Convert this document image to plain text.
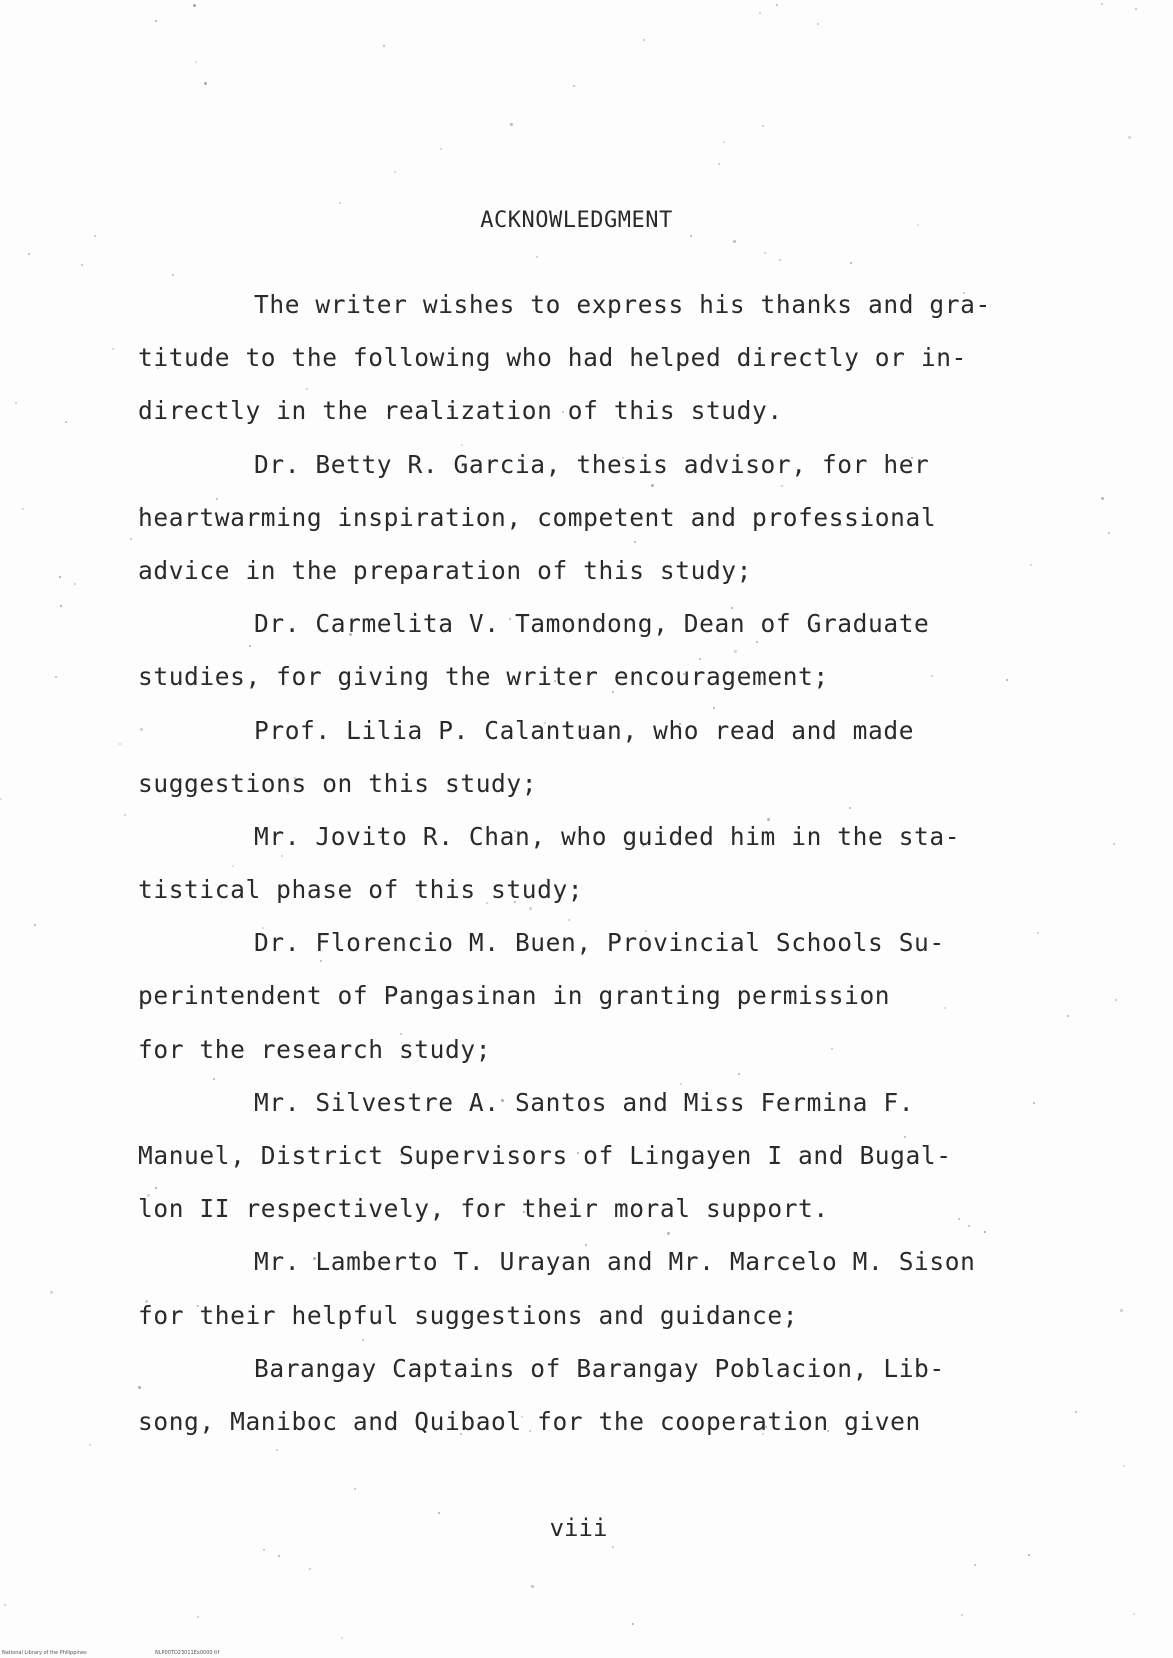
ACKNOWLEDGMENT
The writer wishes to express his thanks and gra-
titude to the following who had helped directly or in-
directly in the realization of this study.
Dr. Betty R. Garcia, thesis advisor, for her
heartwarming inspiration, competent and professional
advice in the preparation of this study;
Dr. Carmelita V. Tamondong, Dean of Graduate
studies, for giving the writer encouragement;
Prof. Lilia P. Calantuan, who read and made
suggestions on this study;
Mr. Jovito R. Chan, who guided him in the sta-
tistical phase of this study;
Dr. Florencio M. Buen, Provincial Schools Su-
perintendent of Pangasinan in granting permission
for the research study;
Mr. Silvestre A. Santos and Miss Fermina F.
Manuel, District Supervisors of Lingayen I and Bugal-
lon II respectively, for their moral support.
Mr. Lamberto T. Urayan and Mr. Marcelo M. Sison
for their helpful suggestions and guidance;
Barangay Captains of Barangay Poblacion, Lib-
song, Maniboc and Quibaol for the cooperation given
viii
National Library of the Philippines	NLP00TD23011Ex0000 tif
